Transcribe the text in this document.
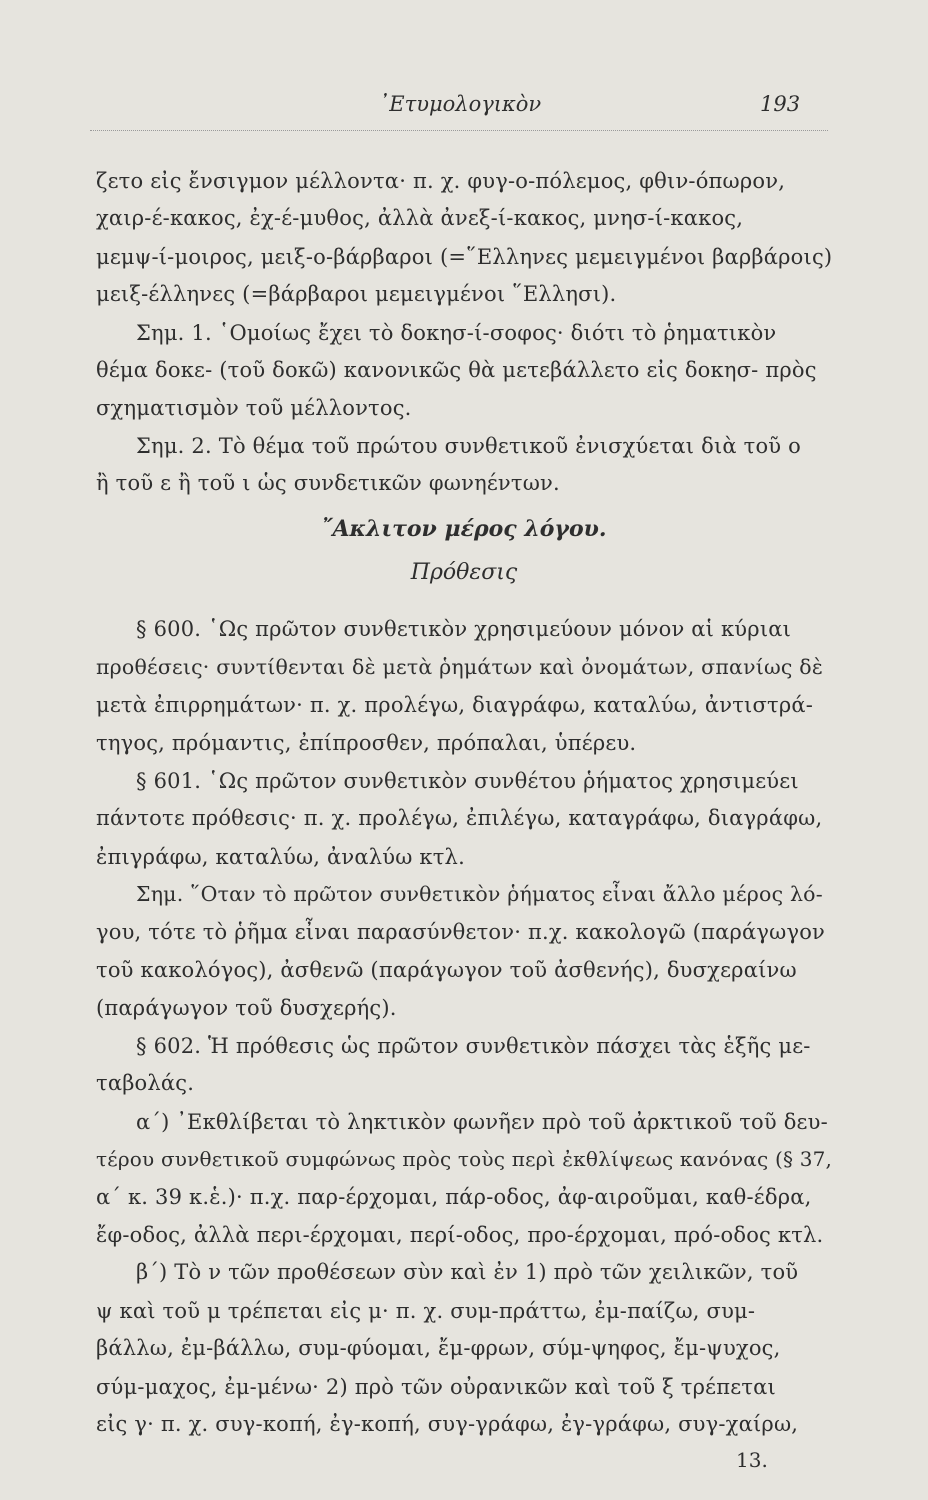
᾿Ετυμολογικὸν	193
ζετο εἰς ἔνσιγμον μέλλοντα· π. χ. φυγ-ο-πόλεμος, φθιν-όπωρον,
χαιρ-έ-κακος, ἐχ-έ-μυθος, ἀλλὰ ἀνεξ-ί-κακος, μνησ-ί-κακος,
μεμψ-ί-μοιρος, μειξ-ο-βάρβαροι (=῞Ελληνες μεμειγμένοι βαρβάροις)
μειξ-έλληνες (=βάρβαροι μεμειγμένοι ῞Ελλησι).
Σημ. 1. ῾Ομοίως ἔχει τὸ δοκησ-ί-σοφος· διότι τὸ ῥηματικὸν
θέμα δοκε- (τοῦ δοκῶ) κανονικῶς θὰ μετεβάλλετο εἰς δοκησ- πρὸς
σχηματισμὸν τοῦ μέλλοντος.
Σημ. 2. Τὸ θέμα τοῦ πρώτου συνθετικοῦ ἐνισχύεται διὰ τοῦ ο
ἢ τοῦ ε ἢ τοῦ ι ὡς συνδετικῶν φωνηέντων.
῎Ακλιτον μέρος λόγου.
Πρόθεσις
§ 600. ῾Ως πρῶτον συνθετικὸν χρησιμεύουν μόνον αἱ κύριαι
προθέσεις· συντίθενται δὲ μετὰ ῥημάτων καὶ ὀνομάτων, σπανίως δὲ
μετὰ ἐπιρρημάτων· π. χ. προλέγω, διαγράφω, καταλύω, ἀντιστρά-
τηγος, πρόμαντις, ἐπίπροσθεν, πρόπαλαι, ὑπέρευ.
§ 601. ῾Ως πρῶτον συνθετικὸν συνθέτου ῥήματος χρησιμεύει
πάντοτε πρόθεσις· π. χ. προλέγω, ἐπιλέγω, καταγράφω, διαγράφω,
ἐπιγράφω, καταλύω, ἀναλύω κτλ.
Σημ. ῞Οταν τὸ πρῶτον συνθετικὸν ῥήματος εἶναι ἄλλο μέρος λό-
γου, τότε τὸ ῥῆμα εἶναι παρασύνθετον· π.χ. κακολογῶ (παράγωγον
τοῦ κακολόγος), ἀσθενῶ (παράγωγον τοῦ ἀσθενής), δυσχεραίνω
(παράγωγον τοῦ δυσχερής).
§ 602. Ἡ πρόθεσις ὡς πρῶτον συνθετικὸν πάσχει τὰς ἑξῆς με-
ταβολάς.
α΄) ᾿Εκθλίβεται τὸ ληκτικὸν φωνῆεν πρὸ τοῦ ἀρκτικοῦ τοῦ δευ-
τέρου συνθετικοῦ συμφώνως πρὸς τοὺς περὶ ἐκθλίψεως κανόνας (§ 37,
α΄ κ. 39 κ.ἑ.)· π.χ. παρ-έρχομαι, πάρ-οδος, ἀφ-αιροῦμαι, καθ-έδρα,
ἔφ-οδος, ἀλλὰ περι-έρχομαι, περί-οδος, προ-έρχομαι, πρό-οδος κτλ.
β΄) Τὸ ν τῶν προθέσεων σὺν καὶ ἐν 1) πρὸ τῶν χειλικῶν, τοῦ
ψ καὶ τοῦ μ τρέπεται εἰς μ· π. χ. συμ-πράττω, ἐμ-παίζω, συμ-
βάλλω, ἐμ-βάλλω, συμ-φύομαι, ἔμ-φρων, σύμ-ψηφος, ἔμ-ψυχος,
σύμ-μαχος, ἐμ-μένω· 2) πρὸ τῶν οὐρανικῶν καὶ τοῦ ξ τρέπεται
εἰς γ· π. χ. συγ-κοπή, ἐγ-κοπή, συγ-γράφω, ἐγ-γράφω, συγ-χαίρω,
13.
